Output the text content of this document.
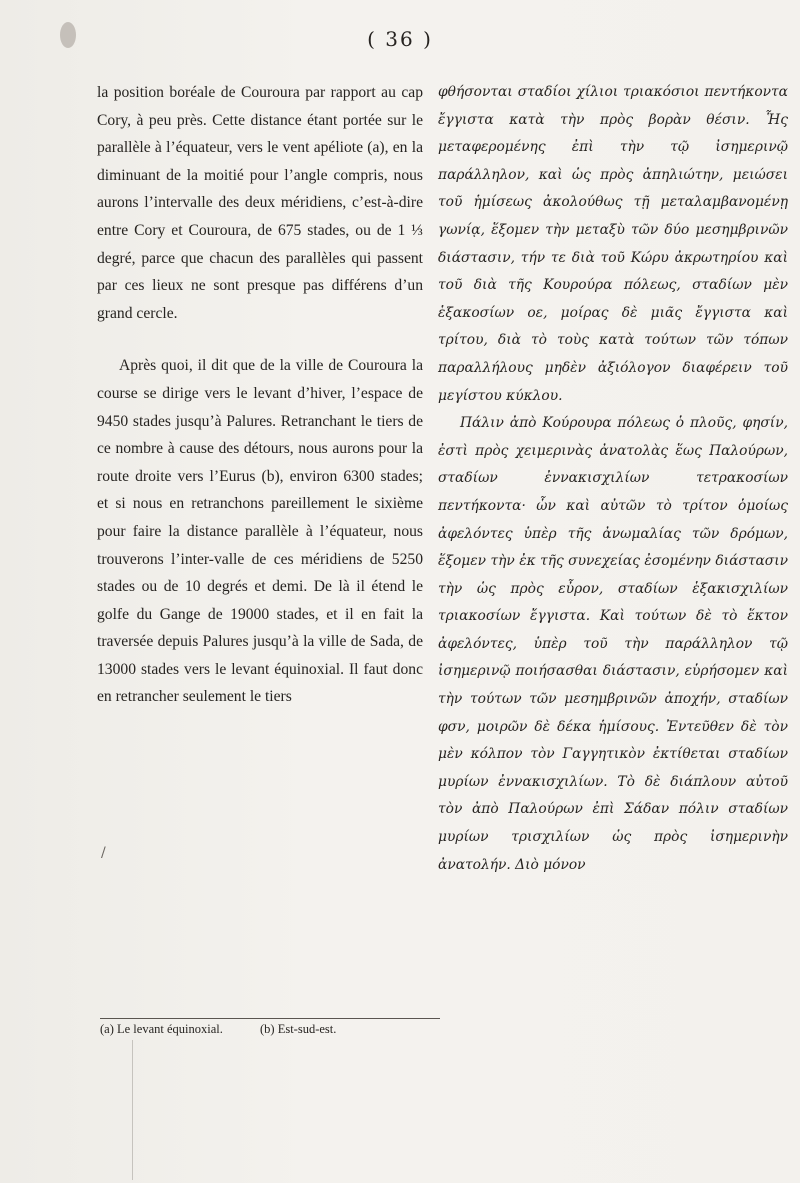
( 36 )

la position boréale de Couroura par rapport au cap Cory, à peu près. Cette distance étant portée sur le parallèle à l’équateur, vers le vent apéliote (a), en la diminuant de la moitié pour l’angle compris, nous aurons l’intervalle des deux méridiens, c’est-à-dire entre Cory et Couroura, de 675 stades, ou de 1 ⅓ degré, parce que chacun des parallèles qui passent par ces lieux ne sont presque pas différens d’un grand cercle.

Après quoi, il dit que de la ville de Couroura la course se dirige vers le levant d’hiver, l’espace de 9450 stades jusqu’à Palures. Retranchant le tiers de ce nombre à cause des détours, nous aurons pour la route droite vers l’Eurus (b), environ 6300 stades; et si nous en retranchons pareillement le sixième pour faire la distance parallèle à l’équateur, nous trouverons l’inter-valle de ces méridiens de 5250 stades ou de 10 degrés et demi. De là il étend le golfe du Gange de 19000 stades, et il en fait la traversée depuis Palures jusqu’à la ville de Sada, de 13000 stades vers le levant équinoxial. Il faut donc en retrancher seulement le tiers

φθήσονται σταδίοι χίλιοι τριακόσιοι πεντήκοντα ἔγγιστα κατὰ τὴν πρὸς βορὰν θέσιν. Ἧς μεταφερομένης ἐπὶ τὴν τῷ ἰσημερινῷ παράλληλον, καὶ ὡς πρὸς ἀπηλιώτην, μειώσει τοῦ ἡμίσεως ἀκολούθως τῇ μεταλαμβανομένῃ γωνίᾳ, ἕξομεν τὴν μεταξὺ τῶν δύο μεσημβρινῶν διάστασιν, τήν τε διὰ τοῦ Κώρυ ἀκρωτηρίου καὶ τοῦ διὰ τῆς Κουρούρα πόλεως, σταδίων μὲν ἑξακοσίων οε, μοίρας δὲ μιᾶς ἔγγιστα καὶ τρίτου, διὰ τὸ τοὺς κατὰ τούτων τῶν τόπων παραλλήλους μηδὲν ἀξιόλογον διαφέρειν τοῦ μεγίστου κύκλου.

Πάλιν ἀπὸ Κούρουρα πόλεως ὁ πλοῦς, φησίν, ἐστὶ πρὸς χειμερινὰς ἀνατολὰς ἕως Παλούρων, σταδίων ἐννακισχιλίων τετρακοσίων πεντήκοντα· ὧν καὶ αὐτῶν τὸ τρίτον ὁμοίως ἀφελόντες ὑπὲρ τῆς ἀνωμαλίας τῶν δρόμων, ἕξομεν τὴν ἐκ τῆς συνεχείας ἐσομένην διάστασιν τὴν ὡς πρὸς εὖρον, σταδίων ἑξακισχιλίων τριακοσίων ἔγγιστα. Καὶ τούτων δὲ τὸ ἕκτον ἀφελόντες, ὑπὲρ τοῦ τὴν παράλληλον τῷ ἰσημερινῷ ποιήσασθαι διάστασιν, εὑρήσομεν καὶ τὴν τούτων τῶν μεσημβρινῶν ἀποχήν, σταδίων φσν, μοιρῶν δὲ δέκα ἡμίσους. Ἐντεῦθεν δὲ τὸν μὲν κόλπον τὸν Γαγγητικὸν ἐκτίθεται σταδίων μυρίων ἐννακισχιλίων. Τὸ δὲ διάπλουν αὐτοῦ τὸν ἀπὸ Παλούρων ἐπὶ Σάδαν πόλιν σταδίων μυρίων τρισχιλίων ὡς πρὸς ἰσημερινὴν ἀνατολήν. Διὸ μόνον

/
(a) Le levant équinoxial.	(b) Est-sud-est.
